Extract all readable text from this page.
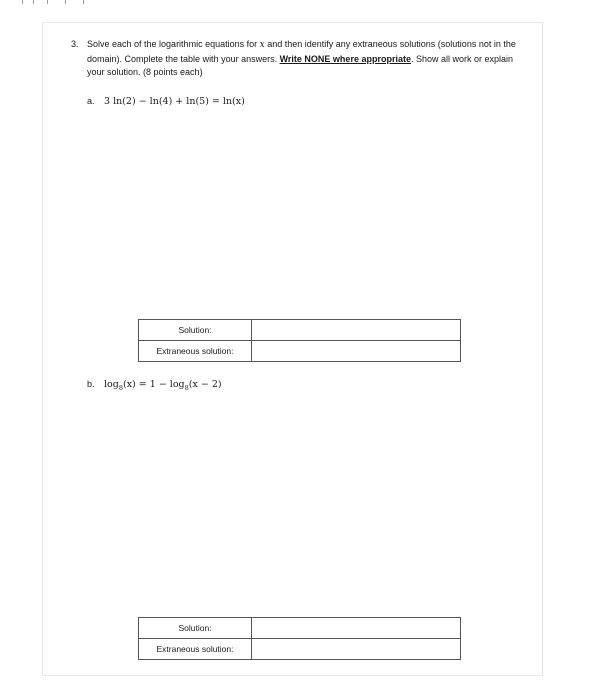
3. Solve each of the logarithmic equations for x and then identify any extraneous solutions (solutions not in the domain). Complete the table with your answers. Write NONE where appropriate. Show all work or explain your solution. (8 points each)
a. 3 ln(2) − ln(4) + ln(5) = ln(x)
Solution:	
Extraneous solution:	
b. $\log_8(x) = 1 - \log_8(x - 2)$
Solution:	
Extraneous solution:	
